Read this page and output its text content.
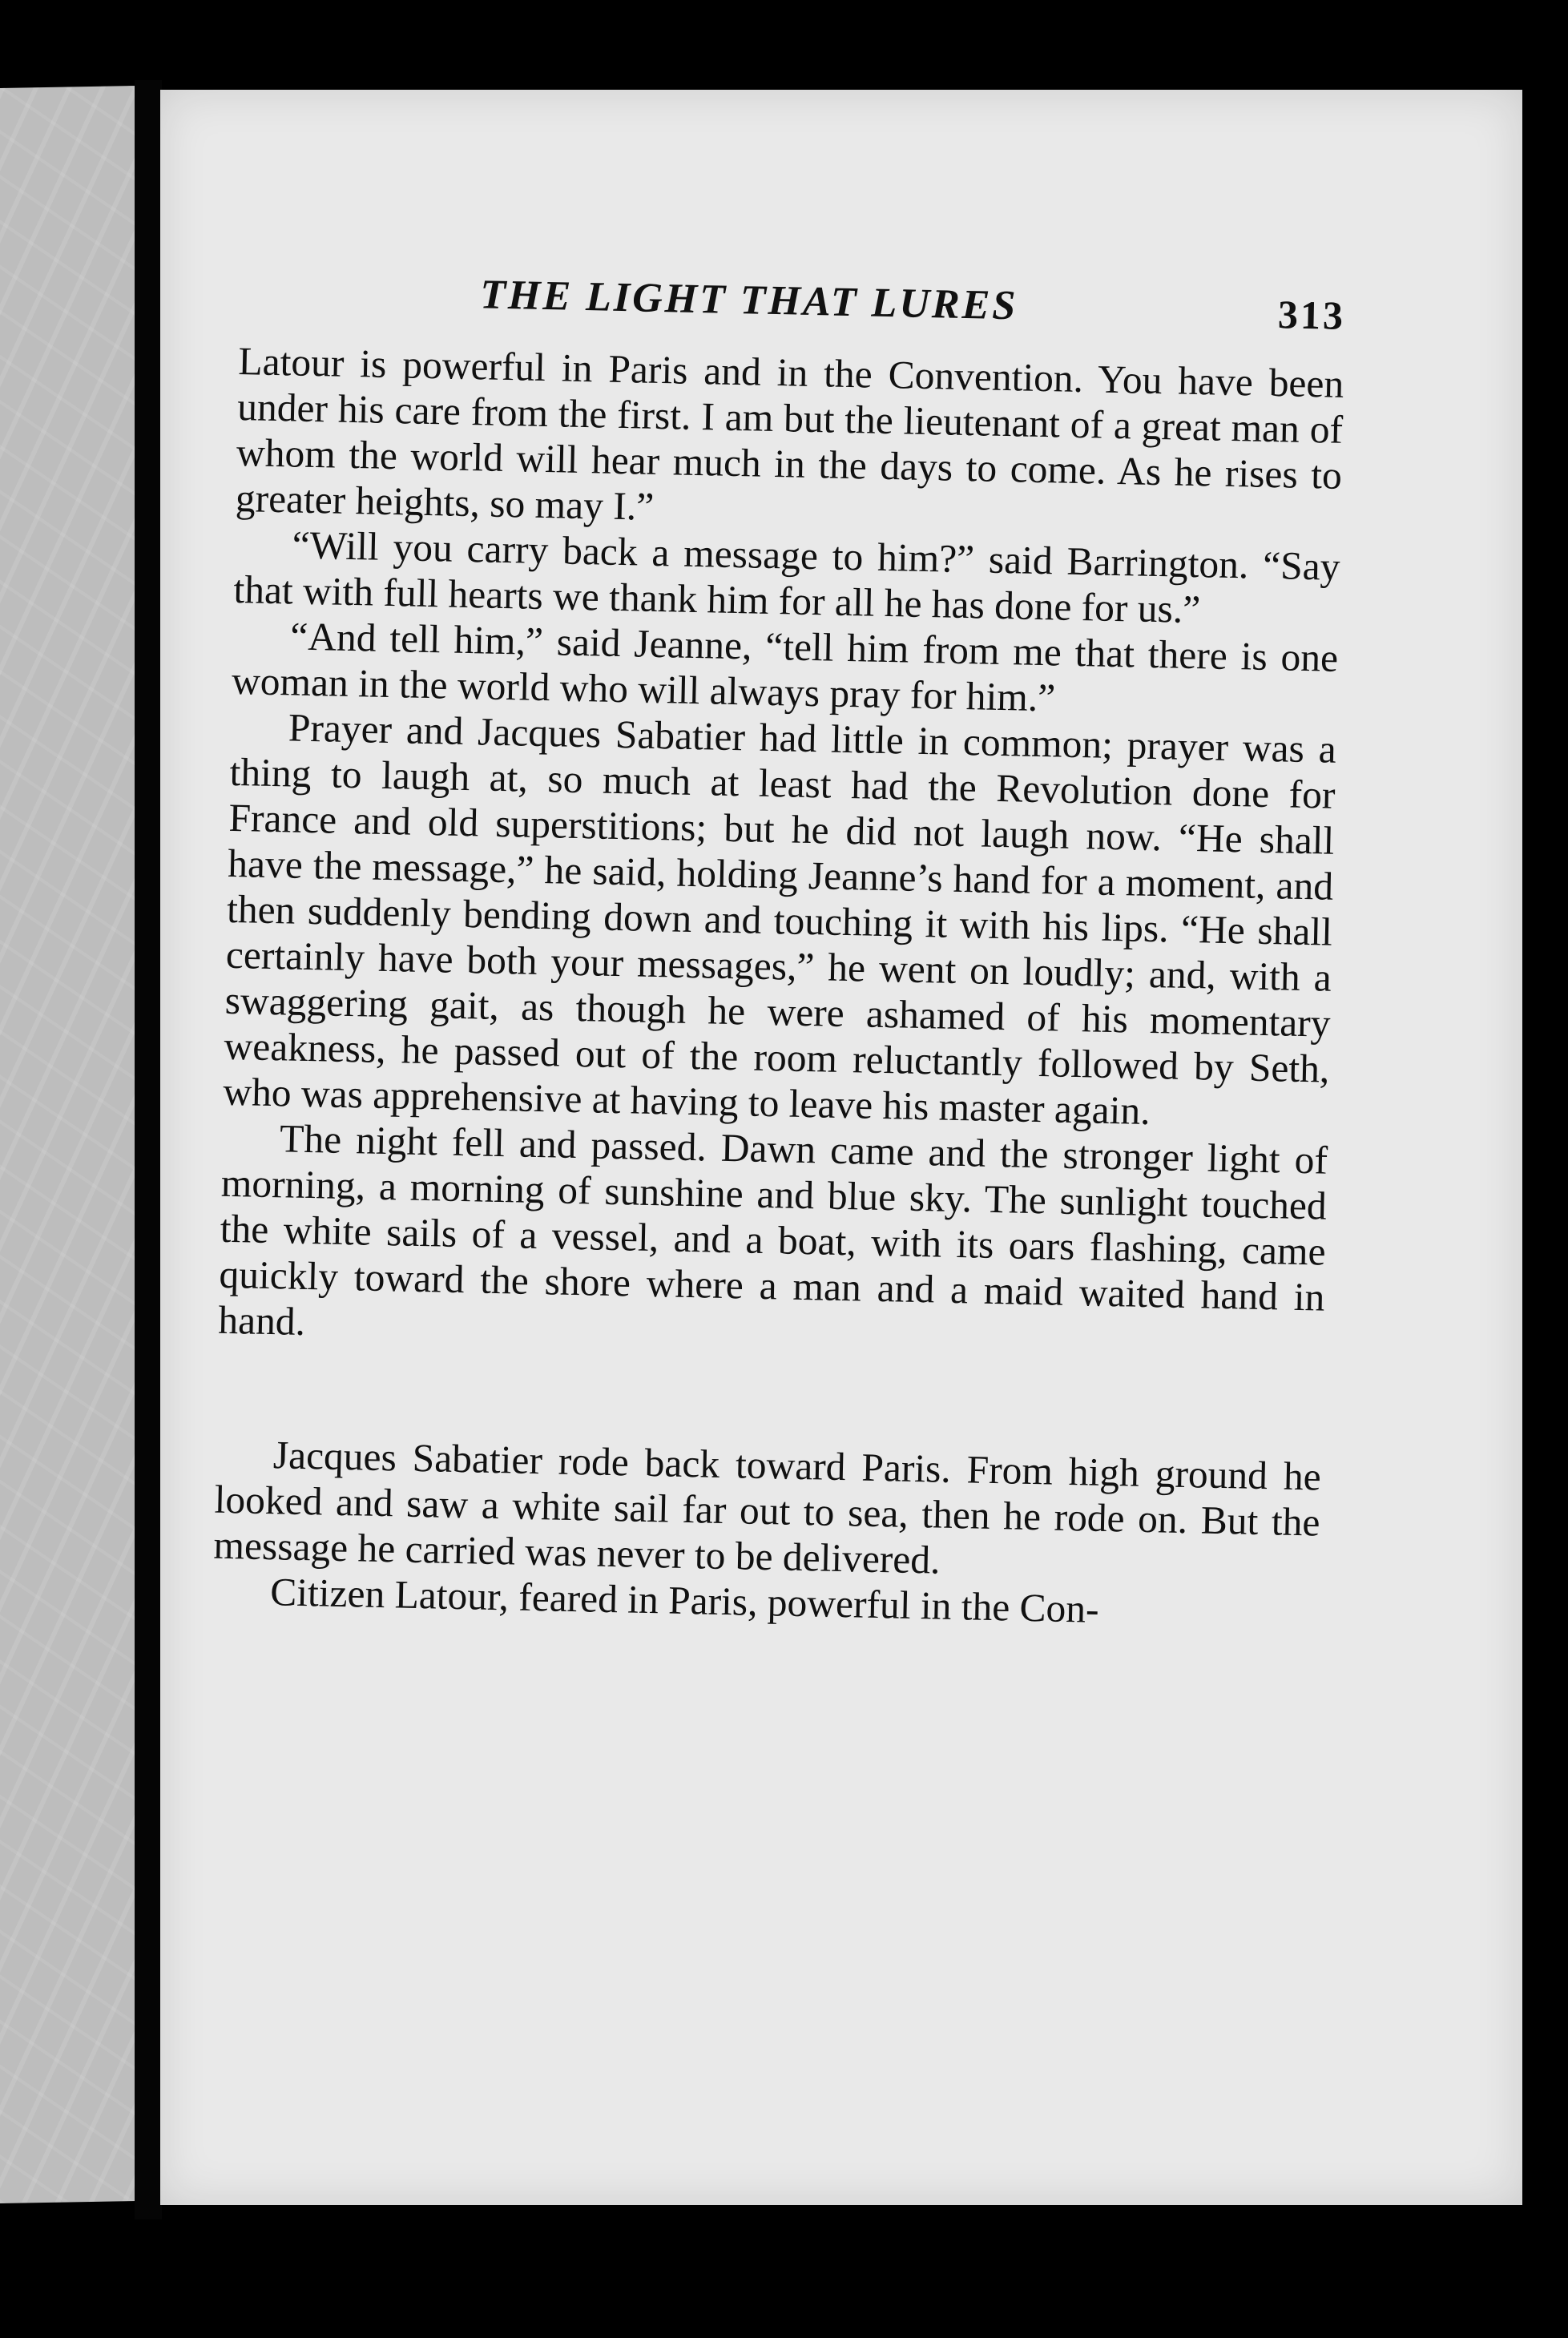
THE LIGHT THAT LURES	313

Latour is powerful in Paris and in the Convention. You have been under his care from the first. I am but the lieutenant of a great man of whom the world will hear much in the days to come. As he rises to greater heights, so may I.”

“Will you carry back a message to him?” said Barrington. “Say that with full hearts we thank him for all he has done for us.”

“And tell him,” said Jeanne, “tell him from me that there is one woman in the world who will always pray for him.”

Prayer and Jacques Sabatier had little in common; prayer was a thing to laugh at, so much at least had the Revolution done for France and old superstitions; but he did not laugh now. “He shall have the message,” he said, holding Jeanne’s hand for a moment, and then suddenly bending down and touching it with his lips. “He shall certainly have both your messages,” he went on loudly; and, with a swaggering gait, as though he were ashamed of his momentary weakness, he passed out of the room reluctantly followed by Seth, who was apprehensive at having to leave his master again.

The night fell and passed. Dawn came and the stronger light of morning, a morning of sunshine and blue sky. The sunlight touched the white sails of a vessel, and a boat, with its oars flashing, came quickly toward the shore where a man and a maid waited hand in hand.

Jacques Sabatier rode back toward Paris. From high ground he looked and saw a white sail far out to sea, then he rode on. But the message he carried was never to be delivered.

Citizen Latour, feared in Paris, powerful in the Con-
